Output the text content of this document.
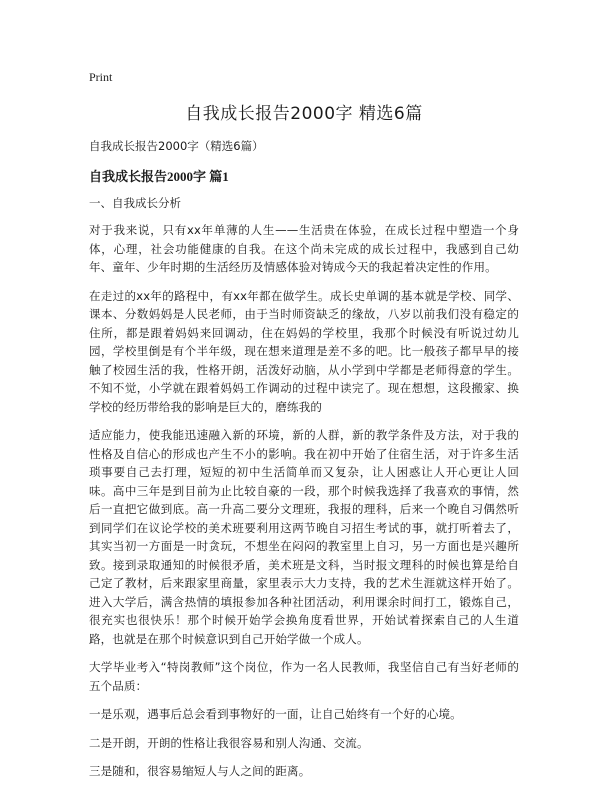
Print
自我成长报告2000字 精选6篇

自我成长报告2000字（精选6篇）

自我成长报告2000字 篇1

一、自我成长分析

对于我来说，只有xx年单薄的人生——生活贵在体验，在成长过程中塑造一个身体，心理，社会功能健康的自我。在这个尚未完成的成长过程中，我感到自己幼年、童年、少年时期的生活经历及情感体验对铸成今天的我起着决定性的作用。

在走过的xx年的路程中，有xx年都在做学生。成长史单调的基本就是学校、同学、课本、分数妈妈是人民老师，由于当时师资缺乏的缘故，八岁以前我们没有稳定的住所，都是跟着妈妈来回调动，住在妈妈的学校里，我那个时候没有听说过幼儿园，学校里倒是有个半年级，现在想来道理是差不多的吧。比一般孩子都早早的接触了校园生活的我，性格开朗，活泼好动脑，从小学到中学都是老师得意的学生。不知不觉，小学就在跟着妈妈工作调动的过程中读完了。现在想想，这段搬家、换学校的经历带给我的影响是巨大的，磨练我的

适应能力，使我能迅速融入新的环境，新的人群，新的教学条件及方法，对于我的性格及自信心的形成也产生不小的影响。我在初中开始了住宿生活，对于许多生活琐事要自己去打理，短短的初中生活简单而又复杂，让人困惑让人开心更让人回味。高中三年是到目前为止比较自豪的一段，那个时候我选择了我喜欢的事情，然后一直把它做到底。高一升高二要分文理班，我报的理科，后来一个晚自习偶然听到同学们在议论学校的美术班要利用这两节晚自习招生考试的事，就打听着去了，其实当初一方面是一时贪玩，不想坐在闷闷的教室里上自习，另一方面也是兴趣所致。接到录取通知的时候很矛盾，美术班是文科，当时报文理科的时候也算是给自己定了教材，后来跟家里商量，家里表示大力支持，我的艺术生涯就这样开始了。进入大学后，满含热情的填报参加各种社团活动，利用课余时间打工，锻炼自己，很充实也很快乐！那个时候开始学会换角度看世界，开始试着探索自己的人生道路，也就是在那个时候意识到自己开始学做一个成人。

大学毕业考入“特岗教师”这个岗位，作为一名人民教师，我坚信自己有当好老师的五个品质：

一是乐观，遇事后总会看到事物好的一面，让自己始终有一个好的心境。

二是开朗，开朗的性格让我很容易和别人沟通、交流。

三是随和，很容易缩短人与人之间的距离。
